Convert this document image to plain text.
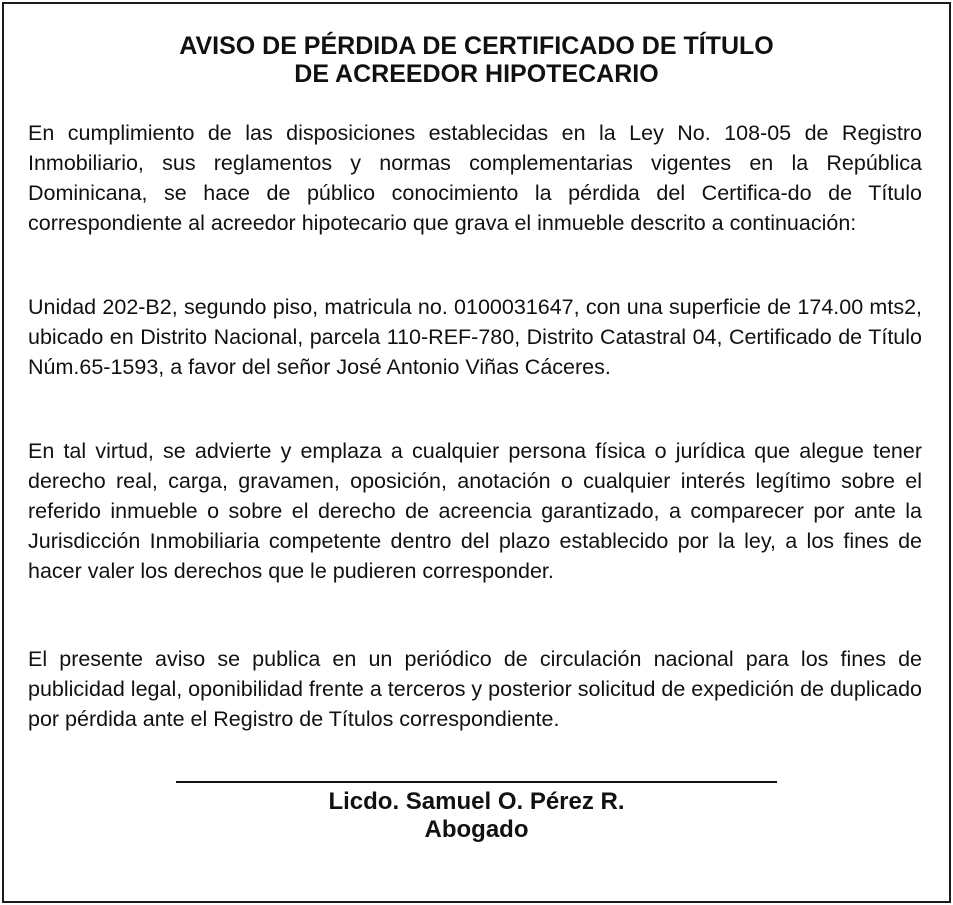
AVISO DE PÉRDIDA DE CERTIFICADO DE TÍTULO
DE ACREEDOR HIPOTECARIO
En cumplimiento de las disposiciones establecidas en la Ley No. 108-05 de Registro Inmobiliario, sus reglamentos y normas complementarias vigentes en la República Dominicana, se hace de público conocimiento la pérdida del Certifica-do de Título correspondiente al acreedor hipotecario que grava el inmueble descrito a continuación:
Unidad 202-B2, segundo piso, matricula no. 0100031647, con una superficie de 174.00 mts2, ubicado en Distrito Nacional, parcela 110-REF-780, Distrito Catastral 04, Certificado de Título Núm.65-1593, a favor del señor José Antonio Viñas Cáceres.
En tal virtud, se advierte y emplaza a cualquier persona física o jurídica que alegue tener derecho real, carga, gravamen, oposición, anotación o cualquier interés legítimo sobre el referido inmueble o sobre el derecho de acreencia garantizado, a comparecer por ante la Jurisdicción Inmobiliaria competente dentro del plazo establecido por la ley, a los fines de hacer valer los derechos que le pudieren corresponder.
El presente aviso se publica en un periódico de circulación nacional para los fines de publicidad legal, oponibilidad frente a terceros y posterior solicitud de expedición de duplicado por pérdida ante el Registro de Títulos correspondiente.
Licdo. Samuel O. Pérez R.
Abogado
